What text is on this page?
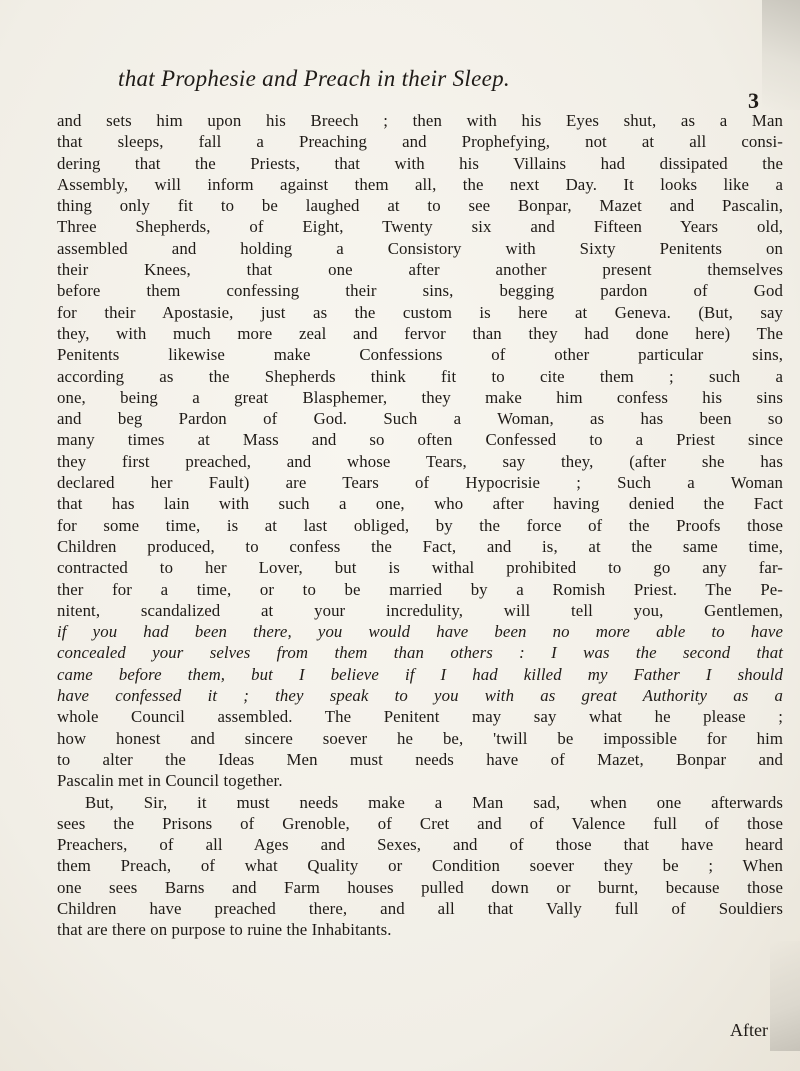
that Prophesie and Preach in their Sleep.
3
and sets him upon his Breech ; then with his Eyes shut, as a Man
that sleeps, fall a Preaching and Prophefying, not at all consi-
dering that the Priests, that with his Villains had dissipated the
Assembly, will inform against them all, the next Day. It looks like a
thing only fit to be laughed at to see Bonpar, Mazet and Pascalin,
Three Shepherds, of Eight, Twenty six and Fifteen Years old,
assembled and holding a Consistory with Sixty Penitents on
their Knees, that one after another present themselves
before them confessing their sins, begging pardon of God
for their Apostasie, just as the custom is here at Geneva. (But, say
they, with much more zeal and fervor than they had done here) The
Penitents likewise make Confessions of other particular sins,
according as the Shepherds think fit to cite them ; such a
one, being a great Blasphemer, they make him confess his sins
and beg Pardon of God. Such a Woman, as has been so
many times at Mass and so often Confessed to a Priest since
they first preached, and whose Tears, say they, (after she has
declared her Fault) are Tears of Hypocrisie ; Such a Woman
that has lain with such a one, who after having denied the Fact
for some time, is at last obliged, by the force of the Proofs those
Children produced, to confess the Fact, and is, at the same time,
contracted to her Lover, but is withal prohibited to go any far-
ther for a time, or to be married by a Romish Priest. The Pe-
nitent, scandalized at your incredulity, will tell you, Gentlemen,
if you had been there, you would have been no more able to have
concealed your selves from them than others : I was the second that
came before them, but I believe if I had killed my Father I should
have confessed it ; they speak to you with as great Authority as a
whole Council assembled. The Penitent may say what he please ;
how honest and sincere soever he be, 'twill be impossible for him
to alter the Ideas Men must needs have of Mazet, Bonpar and
Pascalin met in Council together.
But, Sir, it must needs make a Man sad, when one afterwards
sees the Prisons of Grenoble, of Cret and of Valence full of those
Preachers, of all Ages and Sexes, and of those that have heard
them Preach, of what Quality or Condition soever they be ; When
one sees Barns and Farm houses pulled down or burnt, because those
Children have preached there, and all that Vally full of Souldiers
that are there on purpose to ruine the Inhabitants.
After
